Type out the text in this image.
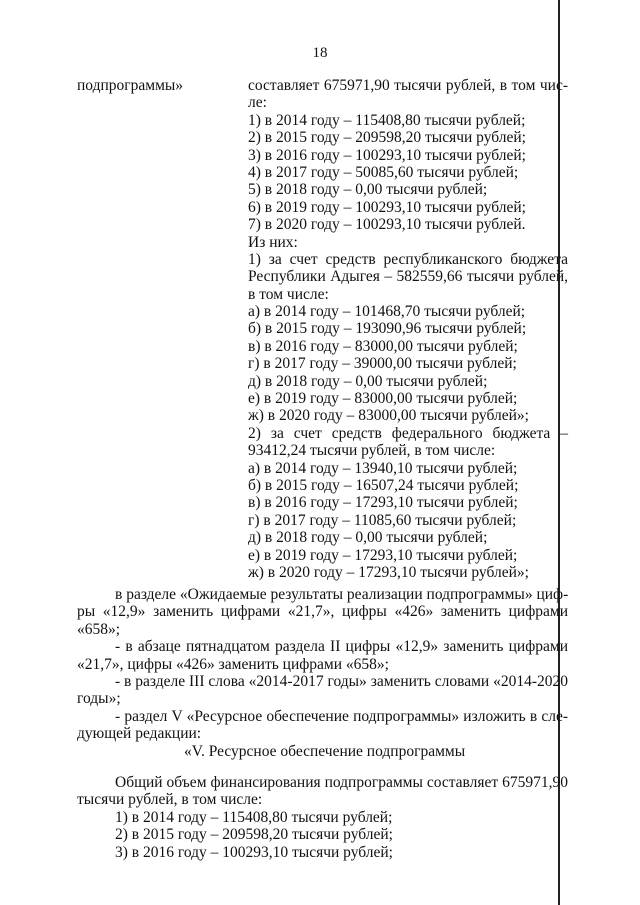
18
подпрограммы»	составляет 675971,90 тысячи рублей, в том чис-
ле:
1) в 2014 году – 115408,80 тысячи рублей;
2) в 2015 году – 209598,20 тысячи рублей;
3) в 2016 году – 100293,10 тысячи рублей;
4) в 2017 году – 50085,60 тысячи рублей;
5) в 2018 году – 0,00 тысячи рублей;
6) в 2019 году – 100293,10 тысячи рублей;
7) в 2020 году – 100293,10 тысячи рублей.
Из них:
1) за счет средств республиканского бюджета
Республики Адыгея – 582559,66 тысячи рублей,
в том числе:
а) в 2014 году – 101468,70 тысячи рублей;
б) в 2015 году – 193090,96 тысячи рублей;
в) в 2016 году – 83000,00 тысячи рублей;
г) в 2017 году – 39000,00 тысячи рублей;
д) в 2018 году – 0,00 тысячи рублей;
е) в 2019 году – 83000,00 тысячи рублей;
ж) в 2020 году – 83000,00 тысячи рублей»;
2) за счет средств федерального бюджета –
93412,24 тысячи рублей, в том числе:
а) в 2014 году – 13940,10 тысячи рублей;
б) в 2015 году – 16507,24 тысячи рублей;
в) в 2016 году – 17293,10 тысячи рублей;
г) в 2017 году – 11085,60 тысячи рублей;
д) в 2018 году – 0,00 тысячи рублей;
е) в 2019 году – 17293,10 тысячи рублей;
ж) в 2020 году – 17293,10 тысячи рублей»;
в разделе «Ожидаемые результаты реализации подпрограммы» циф-
ры «12,9» заменить цифрами «21,7», цифры «426» заменить цифрами
«658»;
- в абзаце пятнадцатом раздела II цифры «12,9» заменить цифрами
«21,7», цифры «426» заменить цифрами «658»;
- в разделе III слова «2014-2017 годы» заменить словами «2014-2020
годы»;
- раздел V «Ресурсное обеспечение подпрограммы» изложить в сле-
дующей редакции:
«V. Ресурсное обеспечение подпрограммы
Общий объем финансирования подпрограммы составляет 675971,90
тысячи рублей, в том числе:
1) в 2014 году – 115408,80 тысячи рублей;
2) в 2015 году – 209598,20 тысячи рублей;
3) в 2016 году – 100293,10 тысячи рублей;
